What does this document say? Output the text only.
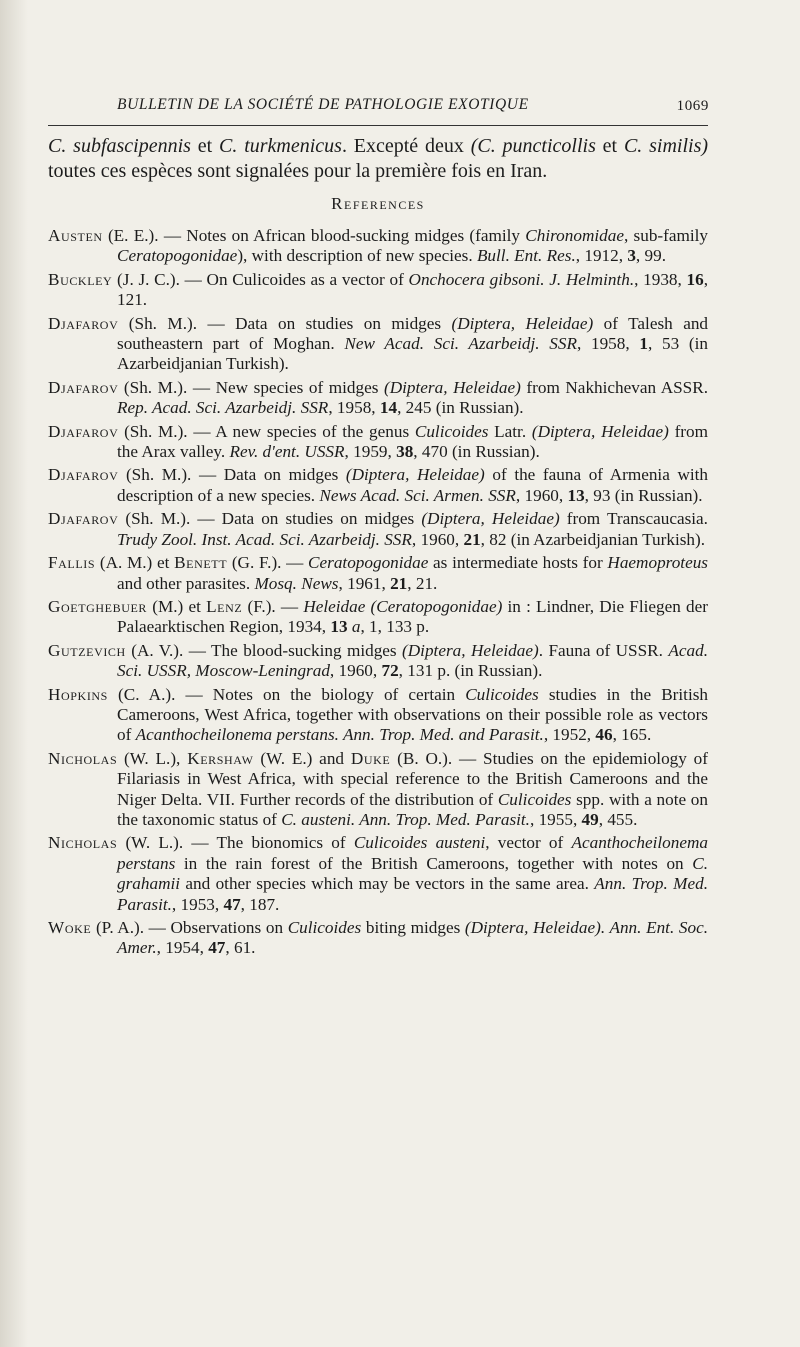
BULLETIN DE LA SOCIÉTÉ DE PATHOLOGIE EXOTIQUE	1069

C. subfascipennis et C. turkmenicus. Excepté deux (C. puncticollis et C. similis) toutes ces espèces sont signalées pour la première fois en Iran.

References

Austen (E. E.). — Notes on African blood-sucking midges (family Chironomidae, sub-family Ceratopogonidae), with description of new species. Bull. Ent. Res., 1912, 3, 99.

Buckley (J. J. C.). — On Culicoides as a vector of Onchocera gibsoni. J. Helminth., 1938, 16, 121.

Djafarov (Sh. M.). — Data on studies on midges (Diptera, Heleidae) of Talesh and southeastern part of Moghan. New Acad. Sci. Azarbeidj. SSR, 1958, 1, 53 (in Azarbeidjanian Turkish).

Djafarov (Sh. M.). — New species of midges (Diptera, Heleidae) from Nakhichevan ASSR. Rep. Acad. Sci. Azarbeidj. SSR, 1958, 14, 245 (in Russian).

Djafarov (Sh. M.). — A new species of the genus Culicoides Latr. (Diptera, Heleidae) from the Arax valley. Rev. d'ent. USSR, 1959, 38, 470 (in Russian).

Djafarov (Sh. M.). — Data on midges (Diptera, Heleidae) of the fauna of Armenia with description of a new species. News Acad. Sci. Armen. SSR, 1960, 13, 93 (in Russian).

Djafarov (Sh. M.). — Data on studies on midges (Diptera, Heleidae) from Transcaucasia. Trudy Zool. Inst. Acad. Sci. Azarbeidj. SSR, 1960, 21, 82 (in Azarbeidjanian Turkish).

Fallis (A. M.) et Benett (G. F.). — Ceratopogonidae as intermediate hosts for Haemoproteus and other parasites. Mosq. News, 1961, 21, 21.

Goetghebuer (M.) et Lenz (F.). — Heleidae (Ceratopogonidae) in : Lindner, Die Fliegen der Palaearktischen Region, 1934, 13 a, 1, 133 p.

Gutzevich (A. V.). — The blood-sucking midges (Diptera, Heleidae). Fauna of USSR. Acad. Sci. USSR, Moscow-Leningrad, 1960, 72, 131 p. (in Russian).

Hopkins (C. A.). — Notes on the biology of certain Culicoides studies in the British Cameroons, West Africa, together with observations on their possible role as vectors of Acanthocheilonema perstans. Ann. Trop. Med. and Parasit., 1952, 46, 165.

Nicholas (W. L.), Kershaw (W. E.) and Duke (B. O.). — Studies on the epidemiology of Filariasis in West Africa, with special reference to the British Cameroons and the Niger Delta. VII. Further records of the distribution of Culicoides spp. with a note on the taxonomic status of C. austeni. Ann. Trop. Med. Parasit., 1955, 49, 455.

Nicholas (W. L.). — The bionomics of Culicoides austeni, vector of Acanthocheilonema perstans in the rain forest of the British Cameroons, together with notes on C. grahamii and other species which may be vectors in the same area. Ann. Trop. Med. Parasit., 1953, 47, 187.

Woke (P. A.). — Observations on Culicoides biting midges (Diptera, Heleidae). Ann. Ent. Soc. Amer., 1954, 47, 61.
